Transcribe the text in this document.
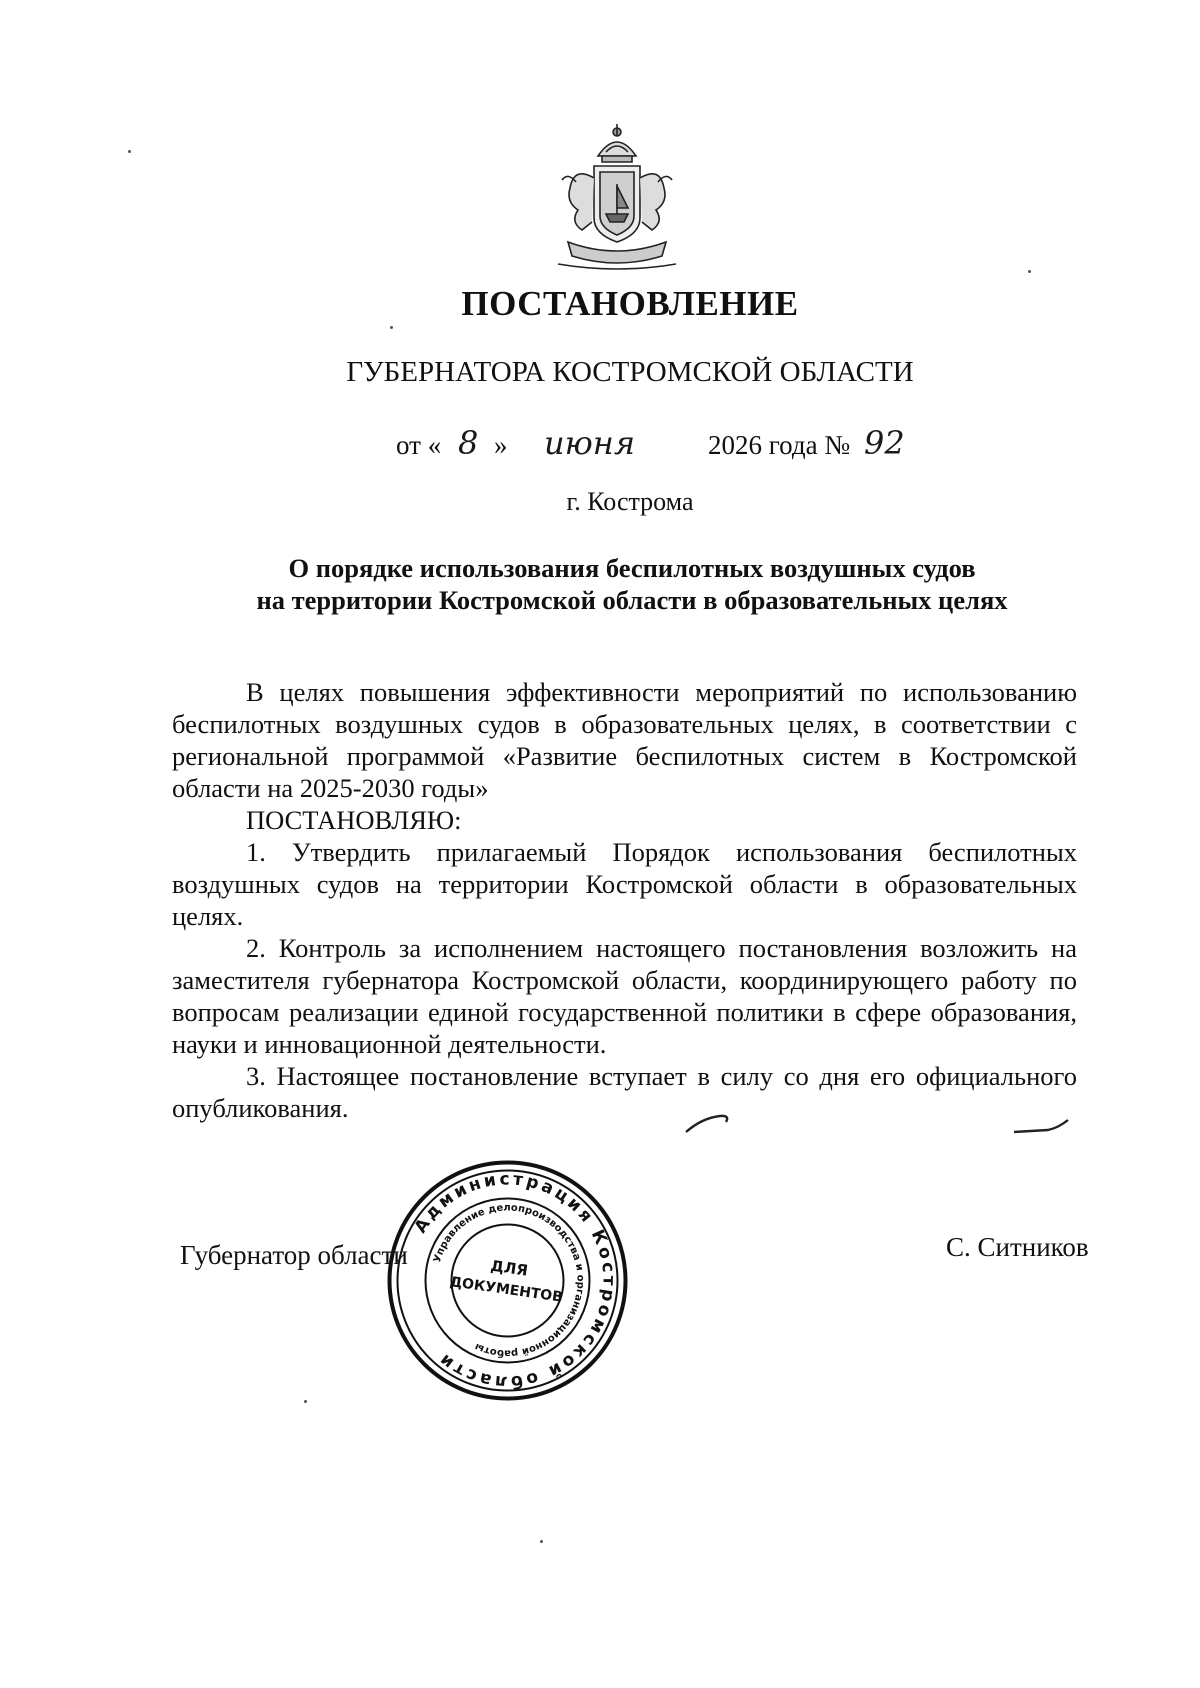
ПОСТАНОВЛЕНИЕ
ГУБЕРНАТОРА КОСТРОМСКОЙ ОБЛАСТИ
от « 8 » июня	2026 года № 92
г. Кострома
О порядке использования беспилотных воздушных судов
на территории Костромской области в образовательных целях

В целях повышения эффективности мероприятий по использованию беспилотных воздушных судов в образовательных целях, в соответствии с региональной программой «Развитие беспилотных систем в Костромской области на 2025-2030 годы»

ПОСТАНОВЛЯЮ:

1. Утвердить прилагаемый Порядок использования беспилотных воздушных судов на территории Костромской области в образовательных целях.

2. Контроль за исполнением настоящего постановления возложить на заместителя губернатора Костромской области, координирующего работу по вопросам реализации единой государственной политики в сфере образования, науки и инновационной деятельности.

3. Настоящее постановление вступает в силу со дня его официального опубликования.

Губернатор области	С. Ситников
Администрация Костромской области
Управление делопроизводства и организационной работы
ДЛЯ
ДОКУМЕНТОВ
